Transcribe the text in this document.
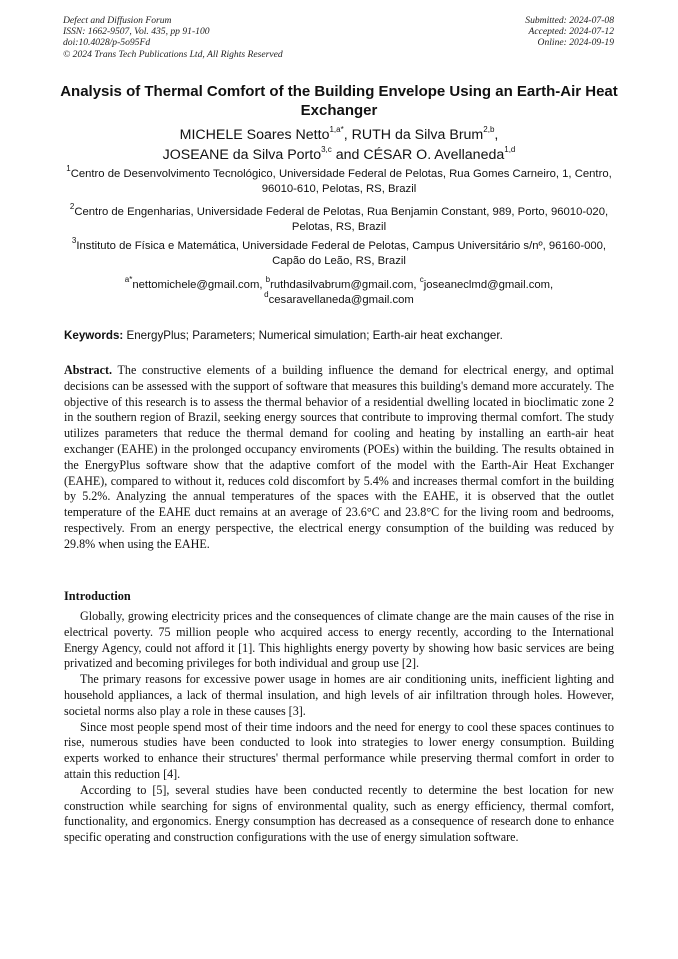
Defect and Diffusion Forum
ISSN: 1662-9507, Vol. 435, pp 91-100
doi:10.4028/p-5o95Fd
© 2024 Trans Tech Publications Ltd, All Rights Reserved
Submitted: 2024-07-08
Accepted: 2024-07-12
Online: 2024-09-19
Analysis of Thermal Comfort of the Building Envelope Using an Earth-Air Heat Exchanger
MICHELE Soares Netto$^{1,a*}$, RUTH da Silva Brum$^{2,b}$,
JOSEANE da Silva Porto$^{3,c}$ and CÉSAR O. Avellaneda$^{1,d}$
$^1$Centro de Desenvolvimento Tecnológico, Universidade Federal de Pelotas, Rua Gomes Carneiro, 1, Centro, 96010-610, Pelotas, RS, Brazil
$^2$Centro de Engenharias, Universidade Federal de Pelotas, Rua Benjamin Constant, 989, Porto, 96010-020, Pelotas, RS, Brazil
$^3$Instituto de Física e Matemática, Universidade Federal de Pelotas, Campus Universitário s/nº, 96160-000, Capão do Leão, RS, Brazil
$^{a*}$nettomichele@gmail.com, $^b$ruthdasilvabrum@gmail.com, $^c$joseaneclmd@gmail.com,
$^d$cesaravellaneda@gmail.com
Keywords: EnergyPlus; Parameters; Numerical simulation; Earth-air heat exchanger.
Abstract. The constructive elements of a building influence the demand for electrical energy, and optimal decisions can be assessed with the support of software that measures this building's demand more accurately. The objective of this research is to assess the thermal behavior of a residential dwelling located in bioclimatic zone 2 in the southern region of Brazil, seeking energy sources that contribute to improving thermal comfort. The study utilizes parameters that reduce the thermal demand for cooling and heating by installing an earth-air heat exchanger (EAHE) in the prolonged occupancy enviroments (POEs) within the building. The results obtained in the EnergyPlus software show that the adaptive comfort of the model with the Earth-Air Heat Exchanger (EAHE), compared to without it, reduces cold discomfort by 5.4% and increases thermal comfort in the building by 5.2%. Analyzing the annual temperatures of the spaces with the EAHE, it is observed that the outlet temperature of the EAHE duct remains at an average of 23.6°C and 23.8°C for the living room and bedrooms, respectively. From an energy perspective, the electrical energy consumption of the building was reduced by 29.8% when using the EAHE.
Introduction

Globally, growing electricity prices and the consequences of climate change are the main causes of the rise in electrical poverty. 75 million people who acquired access to energy recently, according to the International Energy Agency, could not afford it [1]. This highlights energy poverty by showing how basic services are being privatized and becoming privileges for both individual and group use [2].

The primary reasons for excessive power usage in homes are air conditioning units, inefficient lighting and household appliances, a lack of thermal insulation, and high levels of air infiltration through holes. However, societal norms also play a role in these causes [3].

Since most people spend most of their time indoors and the need for energy to cool these spaces continues to rise, numerous studies have been conducted to look into strategies to lower energy consumption. Building experts worked to enhance their structures' thermal performance while preserving thermal comfort in order to attain this reduction [4].

According to [5], several studies have been conducted recently to determine the best location for new construction while searching for signs of environmental quality, such as energy efficiency, thermal comfort, functionality, and ergonomics. Energy consumption has decreased as a consequence of research done to enhance specific operating and construction configurations with the use of energy simulation software.
